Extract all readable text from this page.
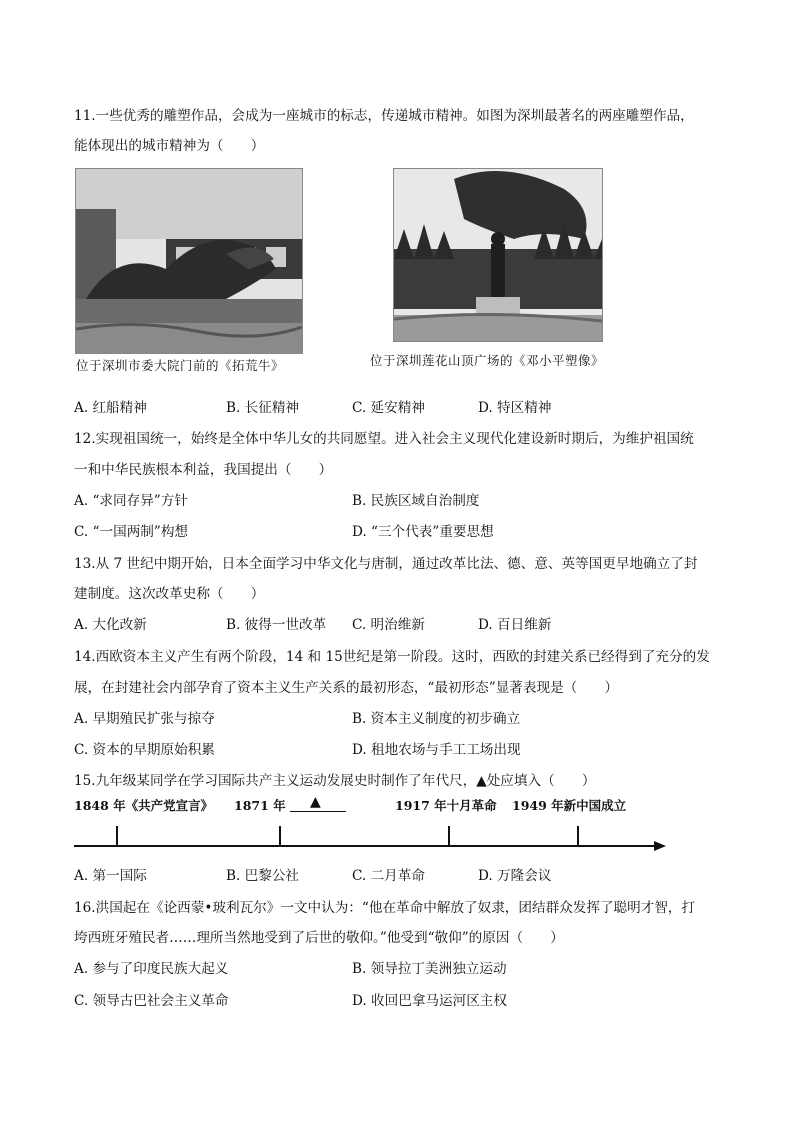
11.一些优秀的雕塑作品，会成为一座城市的标志，传递城市精神。如图为深圳最著名的两座雕塑作品，
能体现出的城市精神为（　　）
位于深圳市委大院门前的《拓荒牛》	位于深圳莲花山顶广场的《邓小平塑像》
A. 红船精神	B. 长征精神	C. 延安精神	D. 特区精神
12.实现祖国统一，始终是全体中华儿女的共同愿望。进入社会主义现代化建设新时期后，为维护祖国统
一和中华民族根本利益，我国提出（　　）
A. “求同存异”方针	B. 民族区域自治制度
C. “一国两制”构想	D. “三个代表”重要思想
13.从 7 世纪中期开始，日本全面学习中华文化与唐制，通过改革比法、德、意、英等国更早地确立了封
建制度。这次改革史称（　　）
A. 大化改新	B. 彼得一世改革 C. 明治维新	D. 百日维新
14.西欧资本主义产生有两个阶段，14 和 15世纪是第一阶段。这时，西欧的封建关系已经得到了充分的发
展，在封建社会内部孕育了资本主义生产关系的最初形态，“最初形态”显著表现是（　　）
A. 早期殖民扩张与掠夺	B. 资本主义制度的初步确立
C. 资本的早期原始积累	D. 租地农场与手工工场出现
15.九年级某同学在学习国际共产主义运动发展史时制作了年代尺，▲处应填入（　　）
1848 年《共产党宣言》 1871 年 ▲	1917 年十月革命 1949 年新中国成立
A. 第一国际	B. 巴黎公社	C. 二月革命	D. 万隆会议
16.洪国起在《论西蒙•玻利瓦尔》一文中认为：“他在革命中解放了奴隶，团结群众发挥了聪明才智，打
垮西班牙殖民者……理所当然地受到了后世的敬仰。”他受到“敬仰”的原因（　　）
A. 参与了印度民族大起义	B. 领导拉丁美洲独立运动
C. 领导古巴社会主义革命	D. 收回巴拿马运河区主权
